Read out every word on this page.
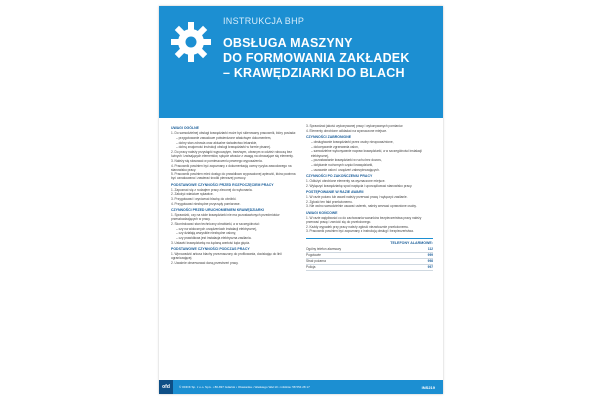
INSTRUKCJA BHP
OBSŁUGA MASZYNY
DO FORMOWANIA ZAKŁADEK
– KRAWĘDZIARKI DO BLACH
UWAGI OGÓLNE
1. Do samodzielnej obsługi krawędziarki może być skierowany pracownik, który posiada:
– przygotowanie zawodowe potwierdzone właściwym dokumentem,
– dobry stan zdrowia oraz aktualne świadectwo lekarskie,
– dobrą znajomość instrukcji obsługi krawędziarki w formie pisanej.
2. Do pracy należy przystąpić wypoczętym, trzeźwym, ubranym w odzież roboczą bez luźnych i zwisających elementów, spięcie włosów z uwagą na obracające się elementy.
3. Należy się stosować w pomieszczeniu pewnego wyposażenia.
4. Pracownik powinien być zapoznany z dokumentacją oceny ryzyka zawodowego na stanowisku pracy.
5. Pracownik powinien mieć dostęp do prawidłowo wyposażonej apteczki, która powinna być oznakowana i zawierać środki pierwszej pomocy.
PODSTAWOWE CZYNNOŚCI PRZED ROZPOCZĘCIEM PRACY
1. Zapoznać się z rodzajem pracy zleconej do wykonania.
2. Założyć właściwe rękawice.
3. Przygotować i wyrównać blachę do obróbki.
4. Przygotować niezbędne przyrządy pomiarowe.
CZYNNOŚCI PRZED URUCHOMIENIEM KRAWĘDZIARKI
1. Sprawdzić, czy na stole krawędziarki nie ma pozostawionych przedmiotów przeszkadzających w pracy.
2. Skontrolować stan techniczny obrabiarki, a w szczególności:
– czy na widocznych urządzeniach instalacji elektrycznej,
– czy działają wszystkie niezbędne osłony,
– czy prawidłowa jest instalacja elektryczna zasilania.
3. Ustawić krawędziarkę na żądaną wartość kąta gięcia.
PODSTAWOWE CZYNNOŚCI PODCZAS PRACY
1. Wprowadzić arkusz blachy przeznaczony do profilowania, dociskając do linii ograniczającej.
2. Uważnie obserwować daną przestrzeń pracy.
3. Sprawdzać jakość wykonywanej pracy i wykonywanych pomiarów.
4. Elementy obrobione odkładać na wyznaczone miejsce.
CZYNNOŚCI ZABRONIONE
– obsługiwanie krawędziarki przez osoby nieupoważnione,
– dokonywanie zgrzewania osłon,
– samodzielne wykonywanie napraw krawędziarki, a w szczególności instalacji elektrycznej,
– pozostawianie krawędziarki w ruchu bez dozoru,
– dotykanie ruchomych części krawędziarki,
– usuwanie osłon i urządzeń zabezpieczających.
CZYNNOŚCI PO ZAKOŃCZENIU PRACY
1. Odłożyć obrobione elementy na wyznaczone miejsce.
2. Wyłączyć krawędziarkę spod napięcia i uporządkować stanowisko pracy.
POSTĘPOWANIE W RAZIE AWARII
1. W razie pożaru lub awarii należy przerwać pracę i wyłączyć zasilanie.
2. Zgłosić ten fakt przełożonemu.
3. Nie wolno samodzielnie usuwać usterek, należy wezwać uprawnione osoby.
UWAGI KOŃCOWE
1. W razie wątpliwości co do zachowania warunków bezpieczeństwa pracy należy przerwać pracę i zwrócić się do przełożonego.
2. Każdy wypadek przy pracy należy zgłosić niezwłocznie przełożonemu.
3. Pracownik powinien być zapoznany z instrukcją obsługi i bezpieczeństwa.
TELEFONY ALARMOWE:
Ogólny telefon alarmowy	112
Pogotowie	999
Straż pożarna	998
Policja	997
ofd	© ODDK Sp. z o.o. Sp.k. • 80-837 Gdańsk • Ołowianka • Waskiego Wał 10 • infolinia: 58 554 28 17	INS219
